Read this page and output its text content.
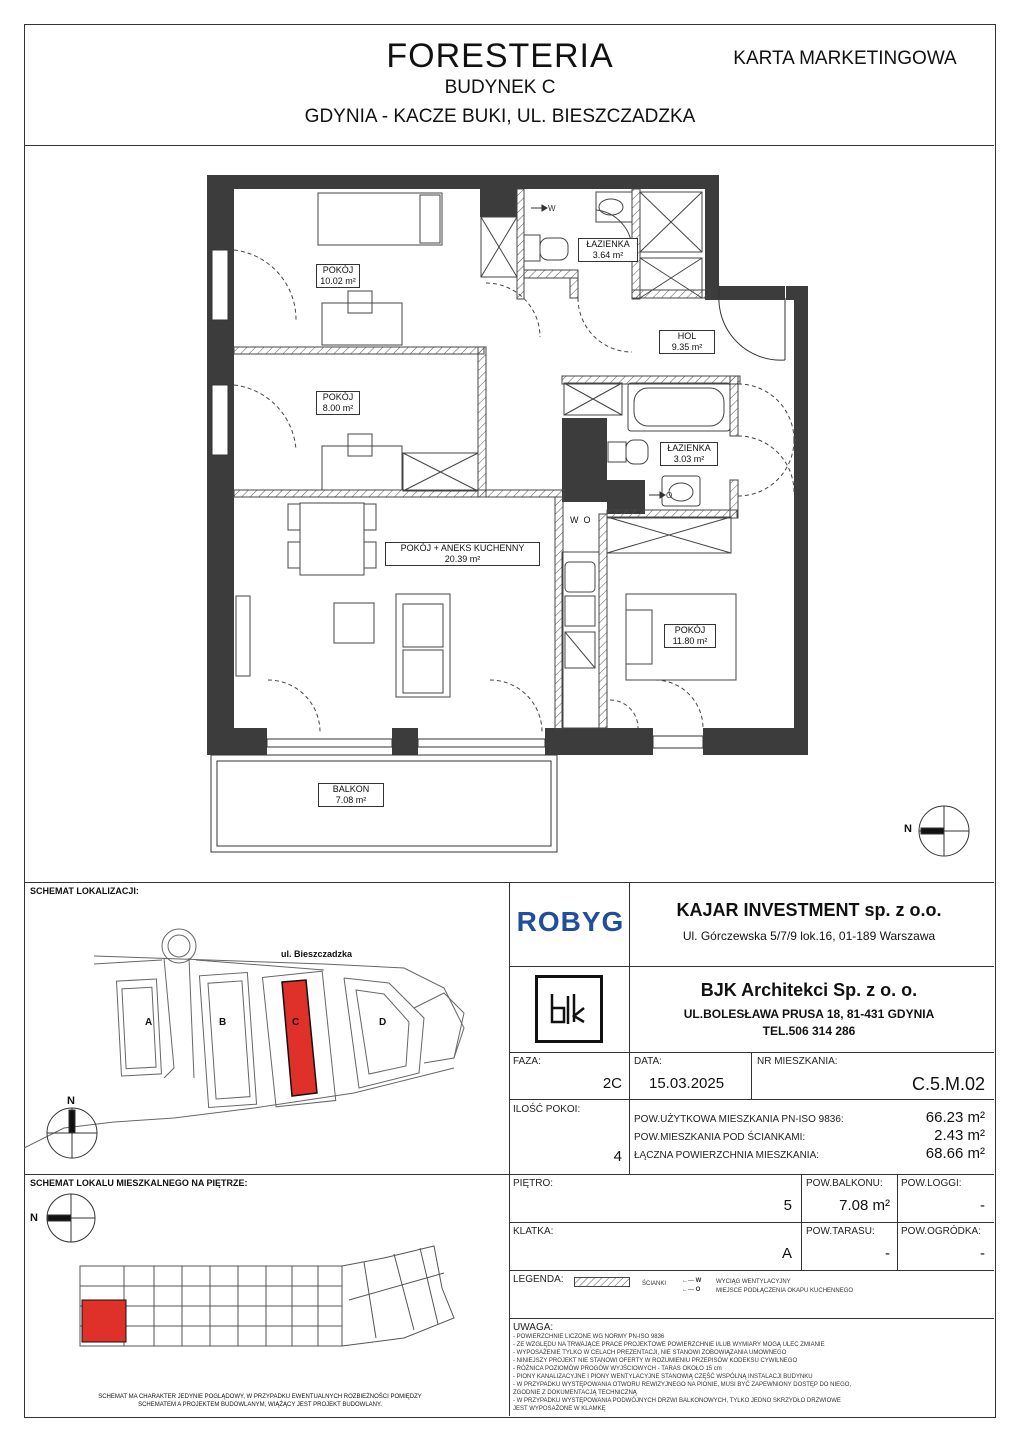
FORESTERIA
BUDYNEK C
GDYNIA - KACZE BUKI, UL. BIESZCZADZKA
KARTA MARKETINGOWA
W
O
N
W  O
POKÓJ
10.02 m²
ŁAZIENKA
3.64 m²
HOL
9.35 m²
POKÓJ
8.00 m²
ŁAZIENKA
3.03 m²
POKÓJ + ANEKS KUCHENNY
20.39 m²
POKÓJ
11.80 m²
BALKON
7.08 m²
SCHEMAT LOKALIZACJI:
ul. Bieszczadzka
A	B	C	D
N
SCHEMAT LOKALU MIESZKALNEGO NA PIĘTRZE:
N
SCHEMAT MA CHARAKTER JEDYNIE POGLĄDOWY, W PRZYPADKU EWENTUALNYCH ROZBIEŻNOŚCI POMIĘDZY
SCHEMATEM A PROJEKTEM BUDOWLANYM, WIĄŻĄCY JEST PROJEKT BUDOWLANY.
ROBYG	KAJAR INVESTMENT sp. z o.o.
Ul. Górczewska 5/7/9 lok.16, 01-189 Warszawa
BJK Architekci Sp. z o. o.
UL.BOLESŁAWA PRUSA 18, 81-431 GDYNIA
TEL.506 314 286
FAZA:
2C
DATA:
15.03.2025
NR MIESZKANIA:
C.5.M.02
ILOŚĆ POKOI:
4
POW.UŻYTKOWA MIESZKANIA PN-ISO 9836:	66.23 m²
POW.MIESZKANIA POD ŚCIANKAMI:	2.43 m²
ŁĄCZNA POWIERZCHNIA MIESZKANIA:	68.66 m²
PIĘTRO:
5
POW.BALKONU:
7.08 m²
POW.LOGGI:
-
KLATKA:
A
POW.TARASU:
-
POW.OGRÓDKA:
-
LEGENDA:	ŚCIANKI	←— W
←— O
WYCIĄG WENTYLACYJNY
MIEJSCE PODŁĄCZENIA OKAPU KUCHENNEGO
UWAGA:
- POWIERZCHNIE LICZONE WG NORMY PN-ISO 9836
- ZE WZGLĘDU NA TRWAJĄCE PRACE PROJEKTOWE POWIERZCHNIE I/LUB WYMIARY MOGĄ ULEC ZMIANIE
- WYPOSAŻENIE TYLKO W CELACH PREZENTACJI, NIE STANOWI ZOBOWIĄZANIA UMOWNEGO
- NINIEJSZY PROJEKT NIE STANOWI OFERTY W ROZUMIENIU PRZEPISÓW KODEKSU CYWILNEGO
- RÓŻNICA POZIOMÓW PROGÓW WYJŚCIOWYCH - TARAS OKOŁO 15 cm
- PIONY KANALIZACYJNE I PIONY WENTYLACYJNE STANOWIĄ CZĘŚĆ WSPÓLNĄ INSTALACJI BUDYNKU
- W PRZYPADKU WYSTĘPOWANIA OTWORU REWIZYJNEGO NA PIONIE, MUSI BYĆ ZAPEWNIONY DOSTĘP DO NIEGO,
ZGODNIE Z DOKUMENTACJĄ TECHNICZNĄ
- W PRZYPADKU WYSTĘPOWANIA PODWÓJNYCH DRZWI BALKONOWYCH, TYLKO JEDNO SKRZYDŁO DRZWIOWE
JEST WYPOSAŻONE W KLAMKĘ
